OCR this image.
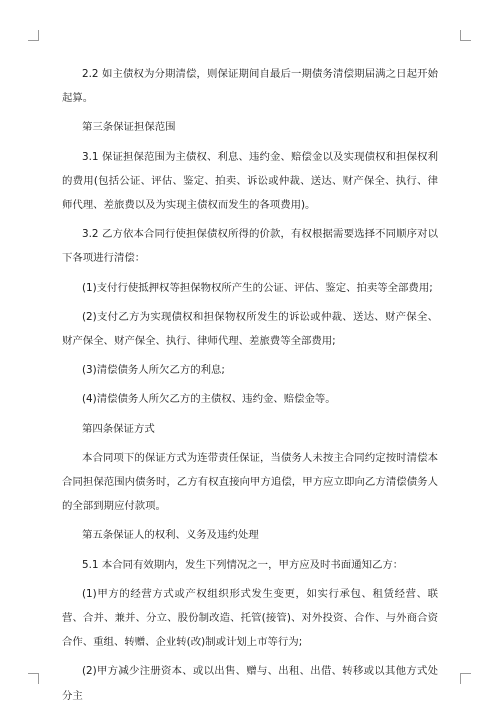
2.2 如主债权为分期清偿，则保证期间自最后一期债务清偿期届满之日起开始起算。

第三条保证担保范围

3.1 保证担保范围为主债权、利息、违约金、赔偿金以及实现债权和担保权利的费用(包括公证、评估、鉴定、拍卖、诉讼或仲裁、送达、财产保全、执行、律师代理、差旅费以及为实现主债权而发生的各项费用)。

3.2 乙方依本合同行使担保债权所得的价款，有权根据需要选择不同顺序对以下各项进行清偿：

(1)支付行使抵押权等担保物权所产生的公证、评估、鉴定、拍卖等全部费用;

(2)支付乙方为实现债权和担保物权所发生的诉讼或仲裁、送达、财产保全、财产保全、财产保全、执行、律师代理、差旅费等全部费用;

(3)清偿债务人所欠乙方的利息;

(4)清偿债务人所欠乙方的主债权、违约金、赔偿金等。

第四条保证方式

本合同项下的保证方式为连带责任保证，当债务人未按主合同约定按时清偿本合同担保范围内债务时，乙方有权直接向甲方追偿，甲方应立即向乙方清偿债务人的全部到期应付款项。

第五条保证人的权利、义务及违约处理

5.1 本合同有效期内，发生下列情况之一，甲方应及时书面通知乙方：

(1)甲方的经营方式或产权组织形式发生变更，如实行承包、租赁经营、联营、合并、兼并、分立、股份制改造、托管(接管)、对外投资、合作、与外商合资合作、重组、转赠、企业转(改)制或计划上市等行为;

(2)甲方减少注册资本、或以出售、赠与、出租、出借、转移或以其他方式处分主
